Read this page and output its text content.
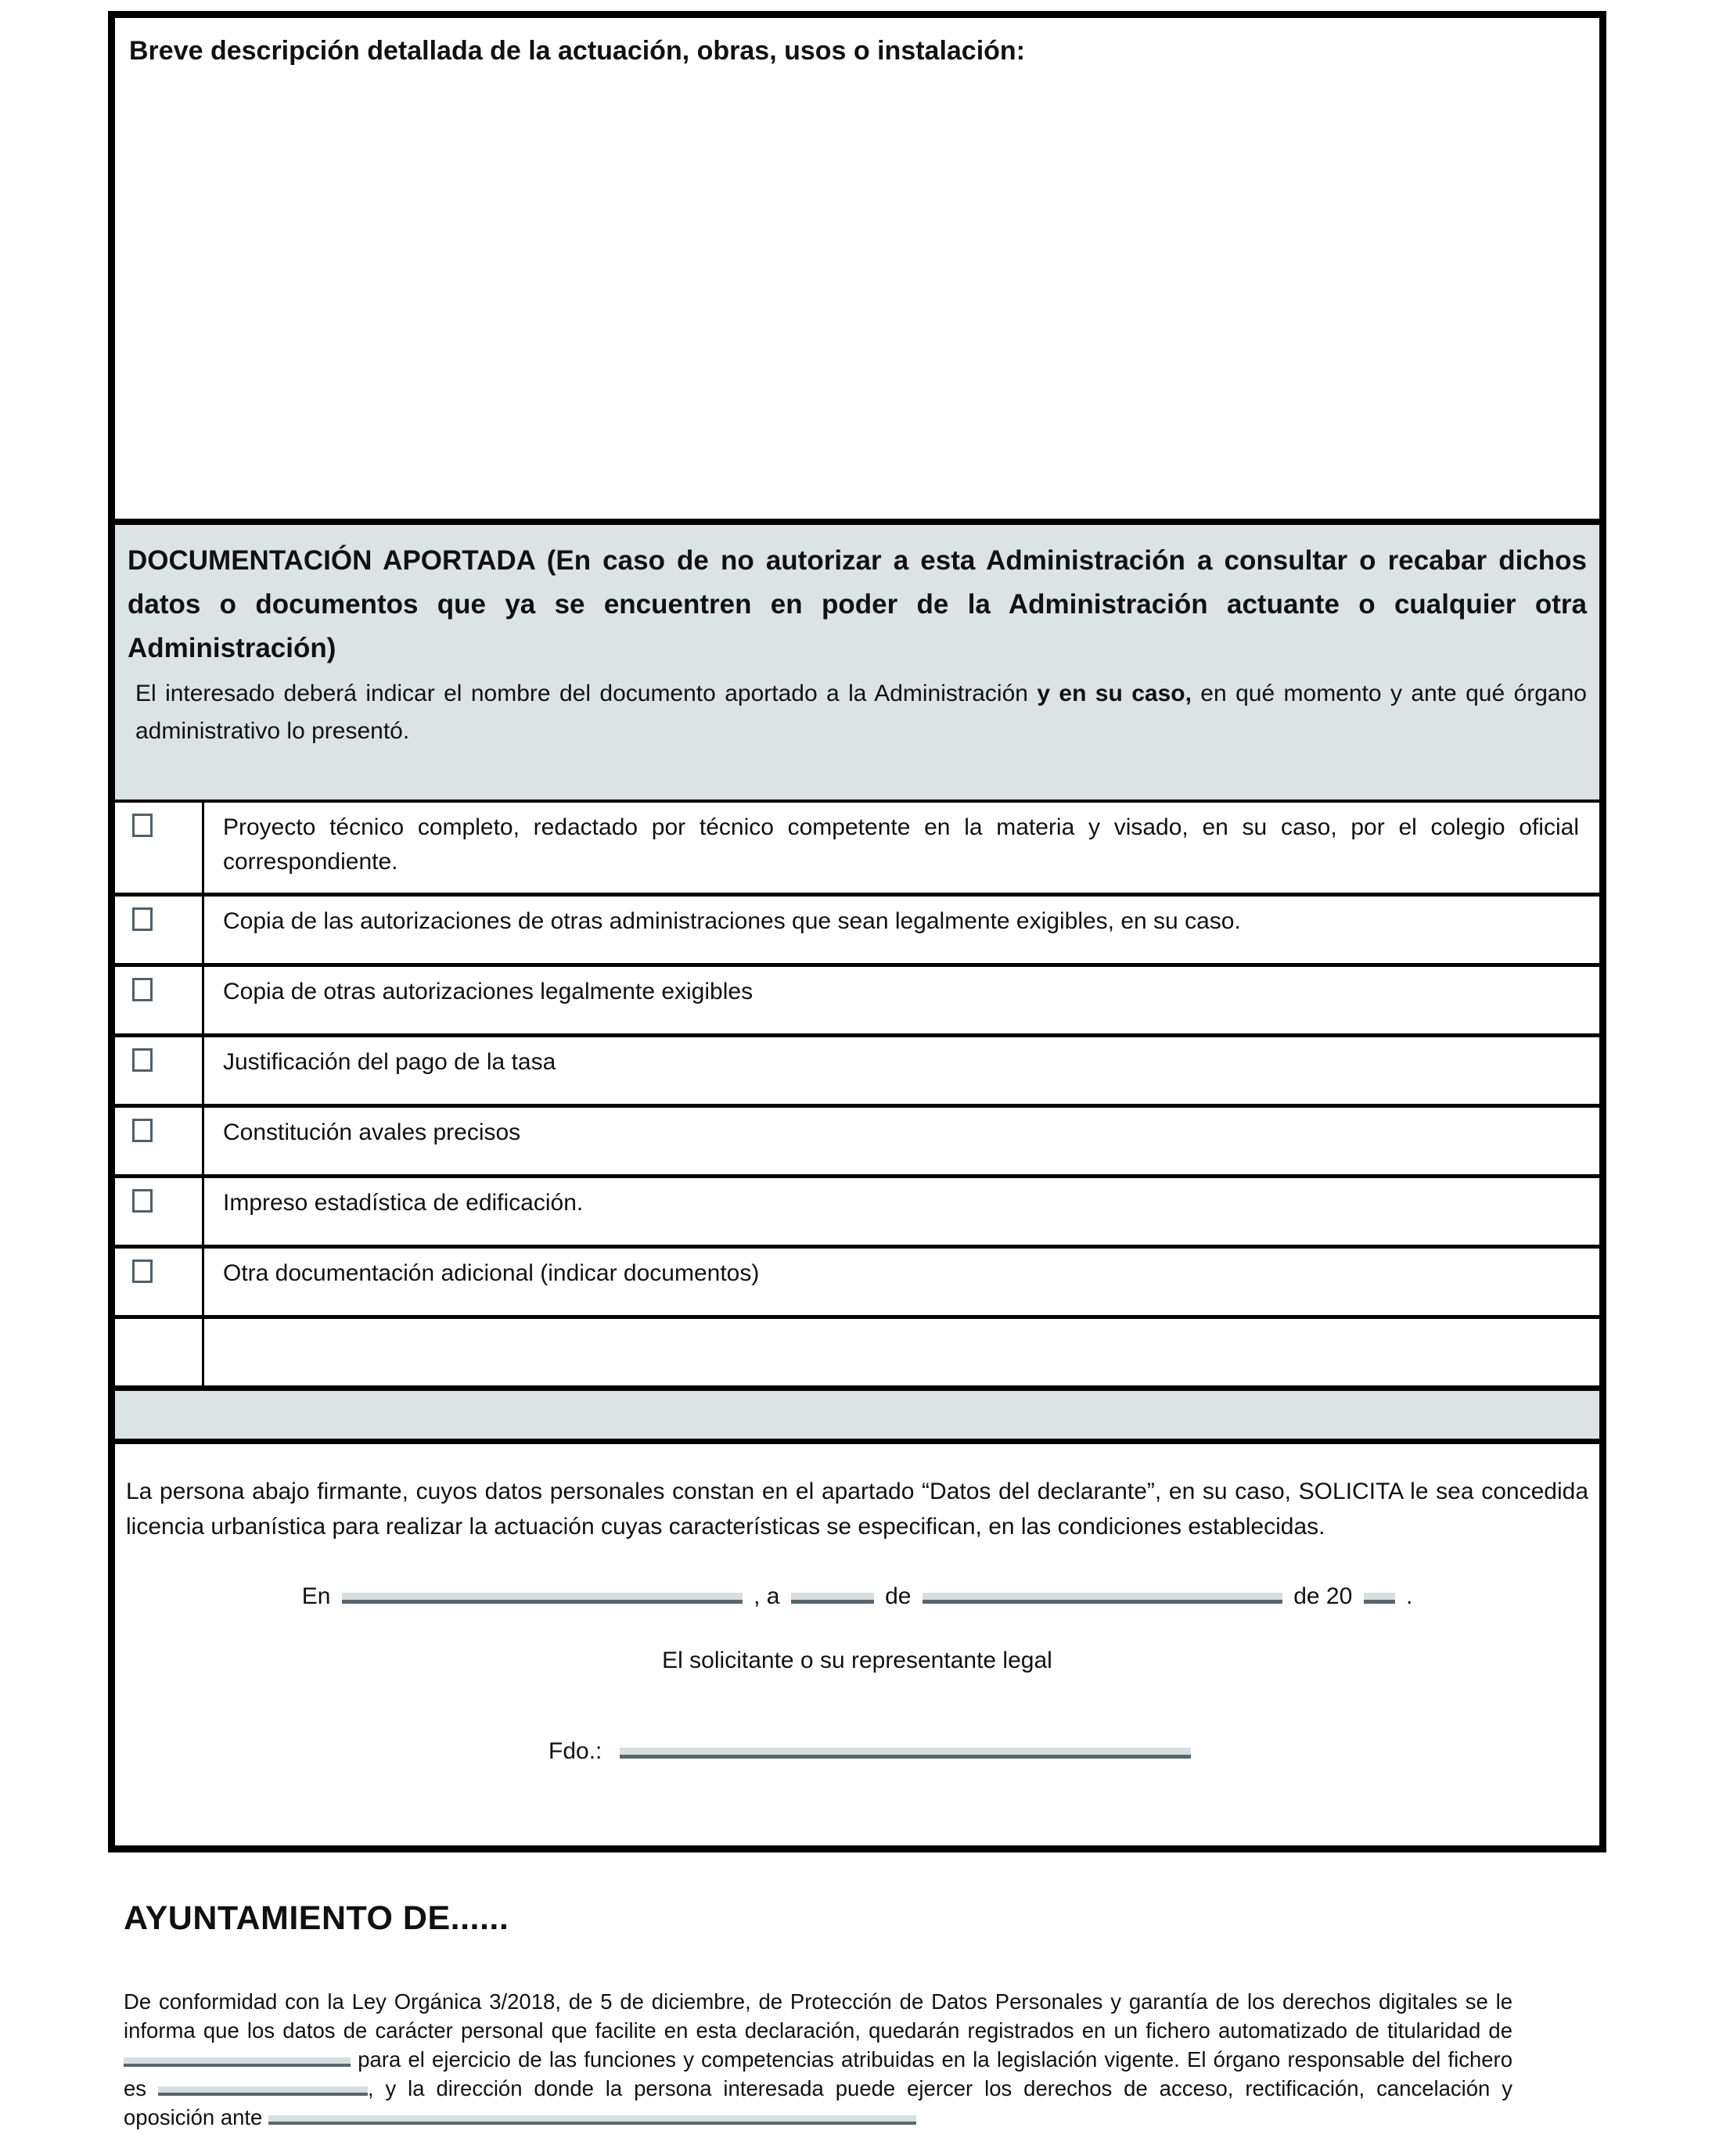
Breve descripción detallada de la actuación, obras, usos o instalación:
DOCUMENTACIÓN APORTADA (En caso de no autorizar a esta Administración a consultar o recabar dichos datos o documentos que ya se encuentren en poder de la Administración actuante o cualquier otra Administración)
El interesado deberá indicar el nombre del documento aportado a la Administración y en su caso, en qué momento y ante qué órgano administrativo lo presentó.
Proyecto técnico completo, redactado por técnico competente en la materia y visado, en su caso, por el colegio oficial correspondiente.
Copia de las autorizaciones de otras administraciones que sean legalmente exigibles, en su caso.
Copia de otras autorizaciones legalmente exigibles
Justificación del pago de la tasa
Constitución avales precisos
Impreso estadística de edificación.
Otra documentación adicional (indicar documentos)
La persona abajo firmante, cuyos datos personales constan en el apartado “Datos del declarante”, en su caso, SOLICITA le sea concedida licencia urbanística para realizar la actuación cuyas características se especifican, en las condiciones establecidas.
En	, a	de	de 20 .
El solicitante o su representante legal
Fdo.:
AYUNTAMIENTO DE......
De conformidad con la Ley Orgánica 3/2018, de 5 de diciembre, de Protección de Datos Personales y garantía de los derechos digitales se le informa que los datos de carácter personal que facilite en esta declaración, quedarán registrados en un fichero automatizado de titularidad de  para el ejercicio de las funciones y competencias atribuidas en la legislación vigente. El órgano responsable del fichero es	, y la dirección donde la persona interesada puede ejercer los derechos de acceso, rectificación, cancelación y oposición ante
